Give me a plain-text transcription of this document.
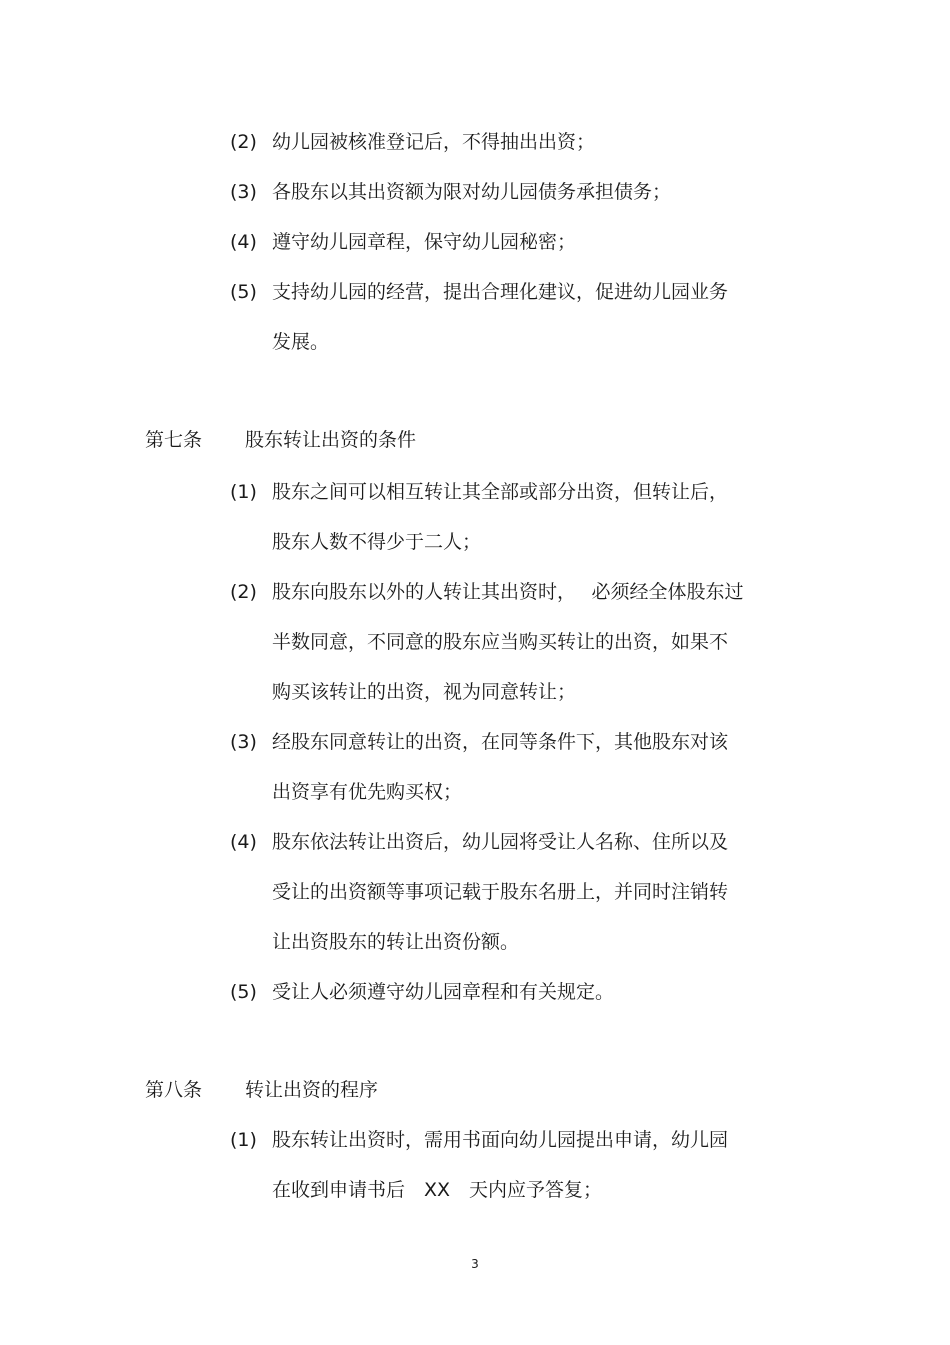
(2) 幼儿园被核准登记后，不得抽出出资；
(3) 各股东以其出资额为限对幼儿园债务承担债务；
(4) 遵守幼儿园章程，保守幼儿园秘密；
(5) 支持幼儿园的经营，提出合理化建议，促进幼儿园业务
发展。
第七条 股东转让出资的条件
(1) 股东之间可以相互转让其全部或部分出资，但转让后，
股东人数不得少于二人；
(2) 股东向股东以外的人转让其出资时，　 必须经全体股东过
半数同意，不同意的股东应当购买转让的出资，如果不
购买该转让的出资，视为同意转让；
(3) 经股东同意转让的出资，在同等条件下，其他股东对该
出资享有优先购买权；
(4) 股东依法转让出资后，幼儿园将受让人名称、住所以及
受让的出资额等事项记载于股东名册上，并同时注销转
让出资股东的转让出资份额。
(5) 受让人必须遵守幼儿园章程和有关规定。
第八条 转让出资的程序
(1) 股东转让出资时，需用书面向幼儿园提出申请，幼儿园
在收到申请书后　XX　天内应予答复；
3
